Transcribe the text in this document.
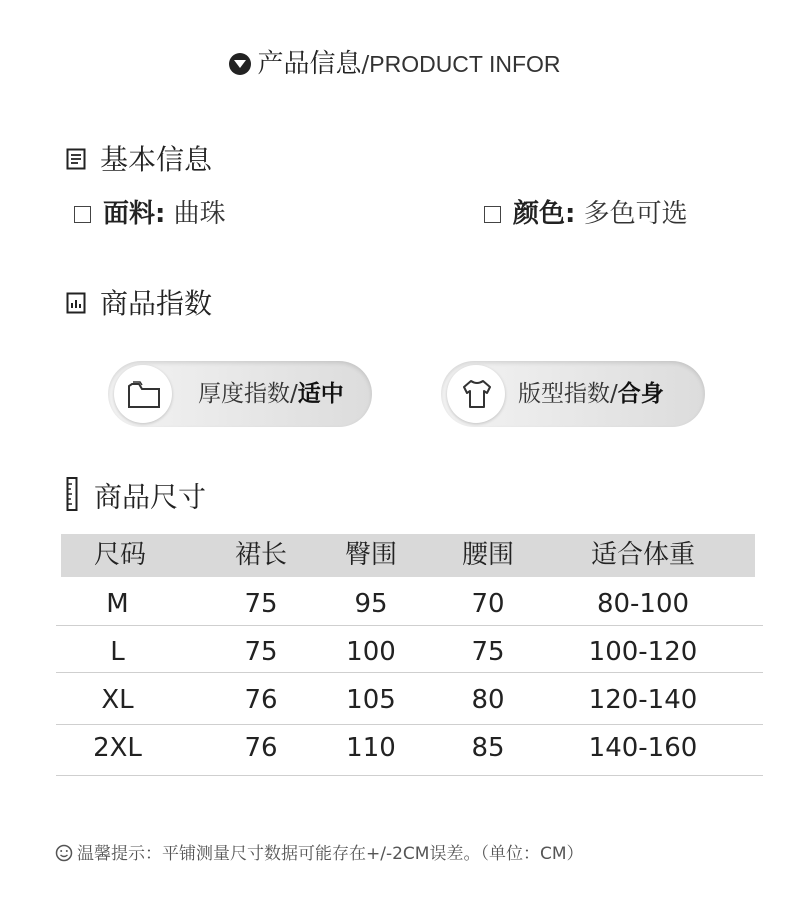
产品信息/PRODUCT INFOR
基本信息
面料: 曲珠	颜色: 多色可选
商品指数
厚度指数/适中	版型指数/合身
商品尺寸
尺码	裙长	臀围	腰围	适合体重
M	75	95	70	80-100
L	75	100	75	100-120
XL	76	105	80	120-140
2XL	76	110	85	140-160
温馨提示：平铺测量尺寸数据可能存在+/-2CM误差。（单位：CM）
